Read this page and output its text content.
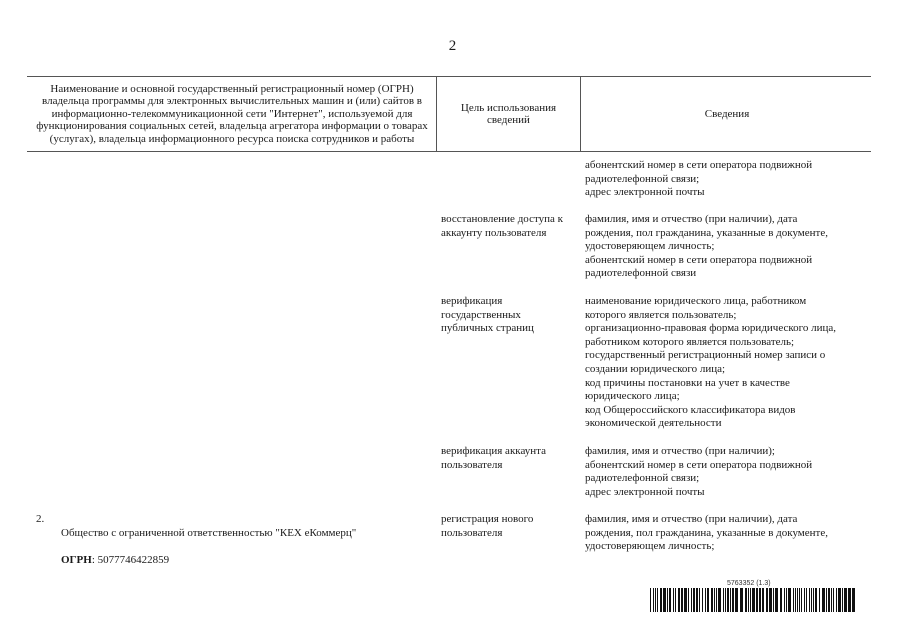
2
Наименование и основной государственный регистрационный номер (ОГРН) владельца программы для электронных вычислительных машин и (или) сайтов в информационно-телекоммуникационной сети "Интернет", используемой для функционирования социальных сетей, владельца агрегатора информации о товарах (услугах), владельца информационного ресурса поиска сотрудников и работы
Цель использования сведений
Сведения
абонентский номер в сети оператора подвижной
радиотелефонной связи;
адрес электронной почты
восстановление доступа к
аккаунту пользователя
фамилия, имя и отчество (при наличии), дата
рождения, пол гражданина, указанные в документе,
удостоверяющем личность;
абонентский номер в сети оператора подвижной
радиотелефонной связи
верификация
государственных
публичных страниц
наименование юридического лица, работником
которого является пользователь;
организационно-правовая форма юридического лица,
работником которого является пользователь;
государственный регистрационный номер записи о
создании юридического лица;
код причины постановки на учет в качестве
юридического лица;
код Общероссийского классификатора видов
экономической деятельности
верификация аккаунта
пользователя
фамилия, имя и отчество (при наличии);
абонентский номер в сети оператора подвижной
радиотелефонной связи;
адрес электронной почты
2.

Общество с ограниченной ответственностью "КЕХ еКоммерц"

ОГРН: 5077746422859

регистрация нового
пользователя
фамилия, имя и отчество (при наличии), дата
рождения, пол гражданина, указанные в документе,
удостоверяющем личность;
5763352 (1.3)
